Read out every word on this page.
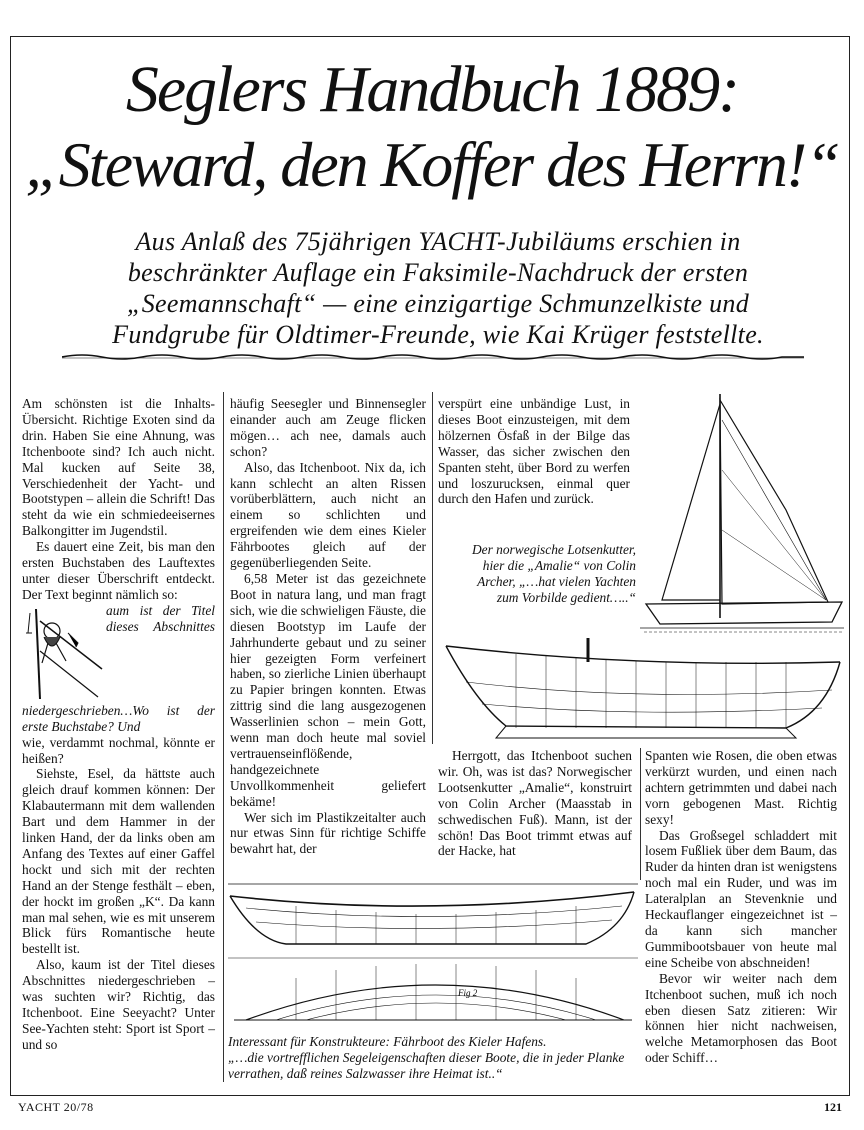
Seglers Handbuch 1889:
„Steward, den Koffer des Herrn!“

Aus Anlaß des 75jährigen YACHT-Jubiläums erschien in

beschränkter Auflage ein Faksimile-Nachdruck der ersten

„Seemannschaft“ — eine einzigartige Schmunzelkiste und

Fundgrube für Oldtimer-Freunde, wie Kai Krüger feststellte.

Am schönsten ist die Inhalts-Übersicht. Richtige Exoten sind da drin. Haben Sie eine Ahnung, was Itchenboote sind? Ich auch nicht. Mal kucken auf Seite 38, Verschiedenheit der Yacht- und Bootstypen – allein die Schrift! Das steht da wie ein schmiedeeisernes Balkongitter im Jugendstil.

Es dauert eine Zeit, bis man den ersten Buchstaben des Lauftextes unter dieser Überschrift entdeckt. Der Text beginnt nämlich so:

aum ist der Titel dieses Abschnittes niedergeschrieben…Wo ist der erste Buchstabe? Und

wie, verdammt nochmal, könnte er heißen?

Siehste, Esel, da hättste auch gleich drauf kommen können: Der Klabautermann mit dem wallenden Bart und dem Hammer in der linken Hand, der da links oben am Anfang des Textes auf einer Gaffel hockt und sich mit der rechten Hand an der Stenge festhält – eben, der hockt im großen „K“. Da kann man mal sehen, wie es mit unserem Blick fürs Romantische heute bestellt ist.

Also, kaum ist der Titel dieses Abschnittes niedergeschrieben – was suchten wir? Richtig, das Itchenboot. Eine Seeyacht? Unter See-Yachten steht: Sport ist Sport – und so

häufig Seesegler und Binnensegler einander auch am Zeuge flicken mögen… ach nee, damals auch schon?

Also, das Itchenboot. Nix da, ich kann schlecht an alten Rissen vorüberblättern, auch nicht an einem so schlichten und ergreifenden wie dem eines Kieler Fährbootes gleich auf der gegenüberliegenden Seite.

6,58 Meter ist das gezeichnete Boot in natura lang, und man fragt sich, wie die schwieligen Fäuste, die diesen Bootstyp im Laufe der Jahrhunderte gebaut und zu seiner hier gezeigten Form verfeinert haben, so zierliche Linien überhaupt zu Papier bringen konnten. Etwas zittrig sind die lang ausgezogenen Wasserlinien schon – mein Gott, wenn man doch heute mal soviel vertrauenseinflößende, handgezeichnete Unvollkommenheit geliefert bekäme!

Wer sich im Plastikzeitalter auch nur etwas Sinn für richtige Schiffe bewahrt hat, der

verspürt eine unbändige Lust, in dieses Boot einzusteigen, mit dem hölzernen Ösfaß in der Bilge das Wasser, das sicher zwischen den Spanten steht, über Bord zu werfen und loszurucksen, einmal quer durch den Hafen und zurück.

Der norwegische Lotsenkutter, hier die „Amalie“ von Colin Archer, „…hat vielen Yachten zum Vorbilde gedient…..“

Herrgott, das Itchenboot suchen wir. Oh, was ist das? Norwegischer Lootsenkutter „Amalie“, konstruirt von Colin Archer (Maasstab in schwedischen Fuß). Mann, ist der schön! Das Boot trimmt etwas auf der Hacke, hat

Spanten wie Rosen, die oben etwas verkürzt wurden, und einen nach achtern getrimmten und dabei nach vorn gebogenen Mast. Richtig sexy!

Das Großsegel schladdert mit losem Fußliek über dem Baum, das Ruder da hinten dran ist wenigstens noch mal ein Ruder, und was im Lateralplan an Stevenknie und Heckauflanger eingezeichnet ist – da kann sich mancher Gummibootsbauer von heute mal eine Scheibe von abschneiden!

Bevor wir weiter nach dem Itchenboot suchen, muß ich noch eben diesen Satz zitieren: Wir können hier nicht nachweisen, welche Metamorphosen das Boot oder Schiff…

Fig 2
Interessant für Konstrukteure: Fährboot des Kieler Hafens.
„…die vortrefflichen Segeleigenschaften dieser Boote, die in jeder Planke verrathen, daß reines Salzwasser ihre Heimat ist..“
YACHT 20/78	121
